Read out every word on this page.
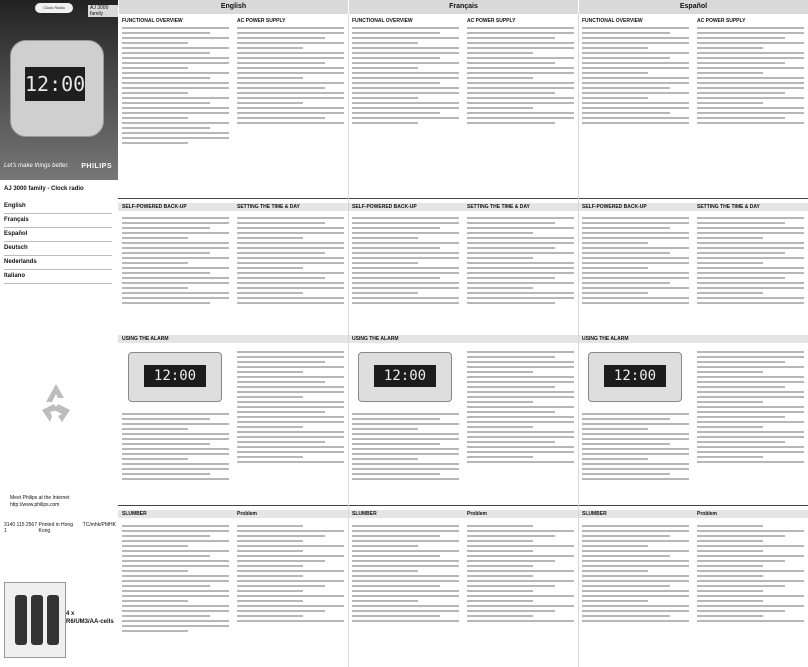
English	Français	Español
Clock Radio	AJ 3000 family
12:00
Let's make things better. PHILIPS
AJ 3000 family - Clock radio
English
Français
Español
Deutsch
Nederlands
Italiano
Meet Philips at the Internet
http://www.philips.com
3140 115 2567 1
Printed in Hong Kong
TC/mhk/PMHK
FUNCTIONAL OVERVIEW	AC POWER SUPPLY	FUNCTIONAL OVERVIEW	AC POWER SUPPLY	FUNCTIONAL OVERVIEW	AC POWER SUPPLY
SELF-POWERED BACK-UP	SETTING THE TIME & DAY	SELF-POWERED BACK-UP	SETTING THE TIME & DAY	SELF-POWERED BACK-UP	SETTING THE TIME & DAY
USING THE ALARM	USING THE ALARM	USING THE ALARM
12:00	12:00	12:00
SLUMBER	Problem	SLUMBER	Problem	SLUMBER	Problem
4 x
R6/UM3/AA-cells
